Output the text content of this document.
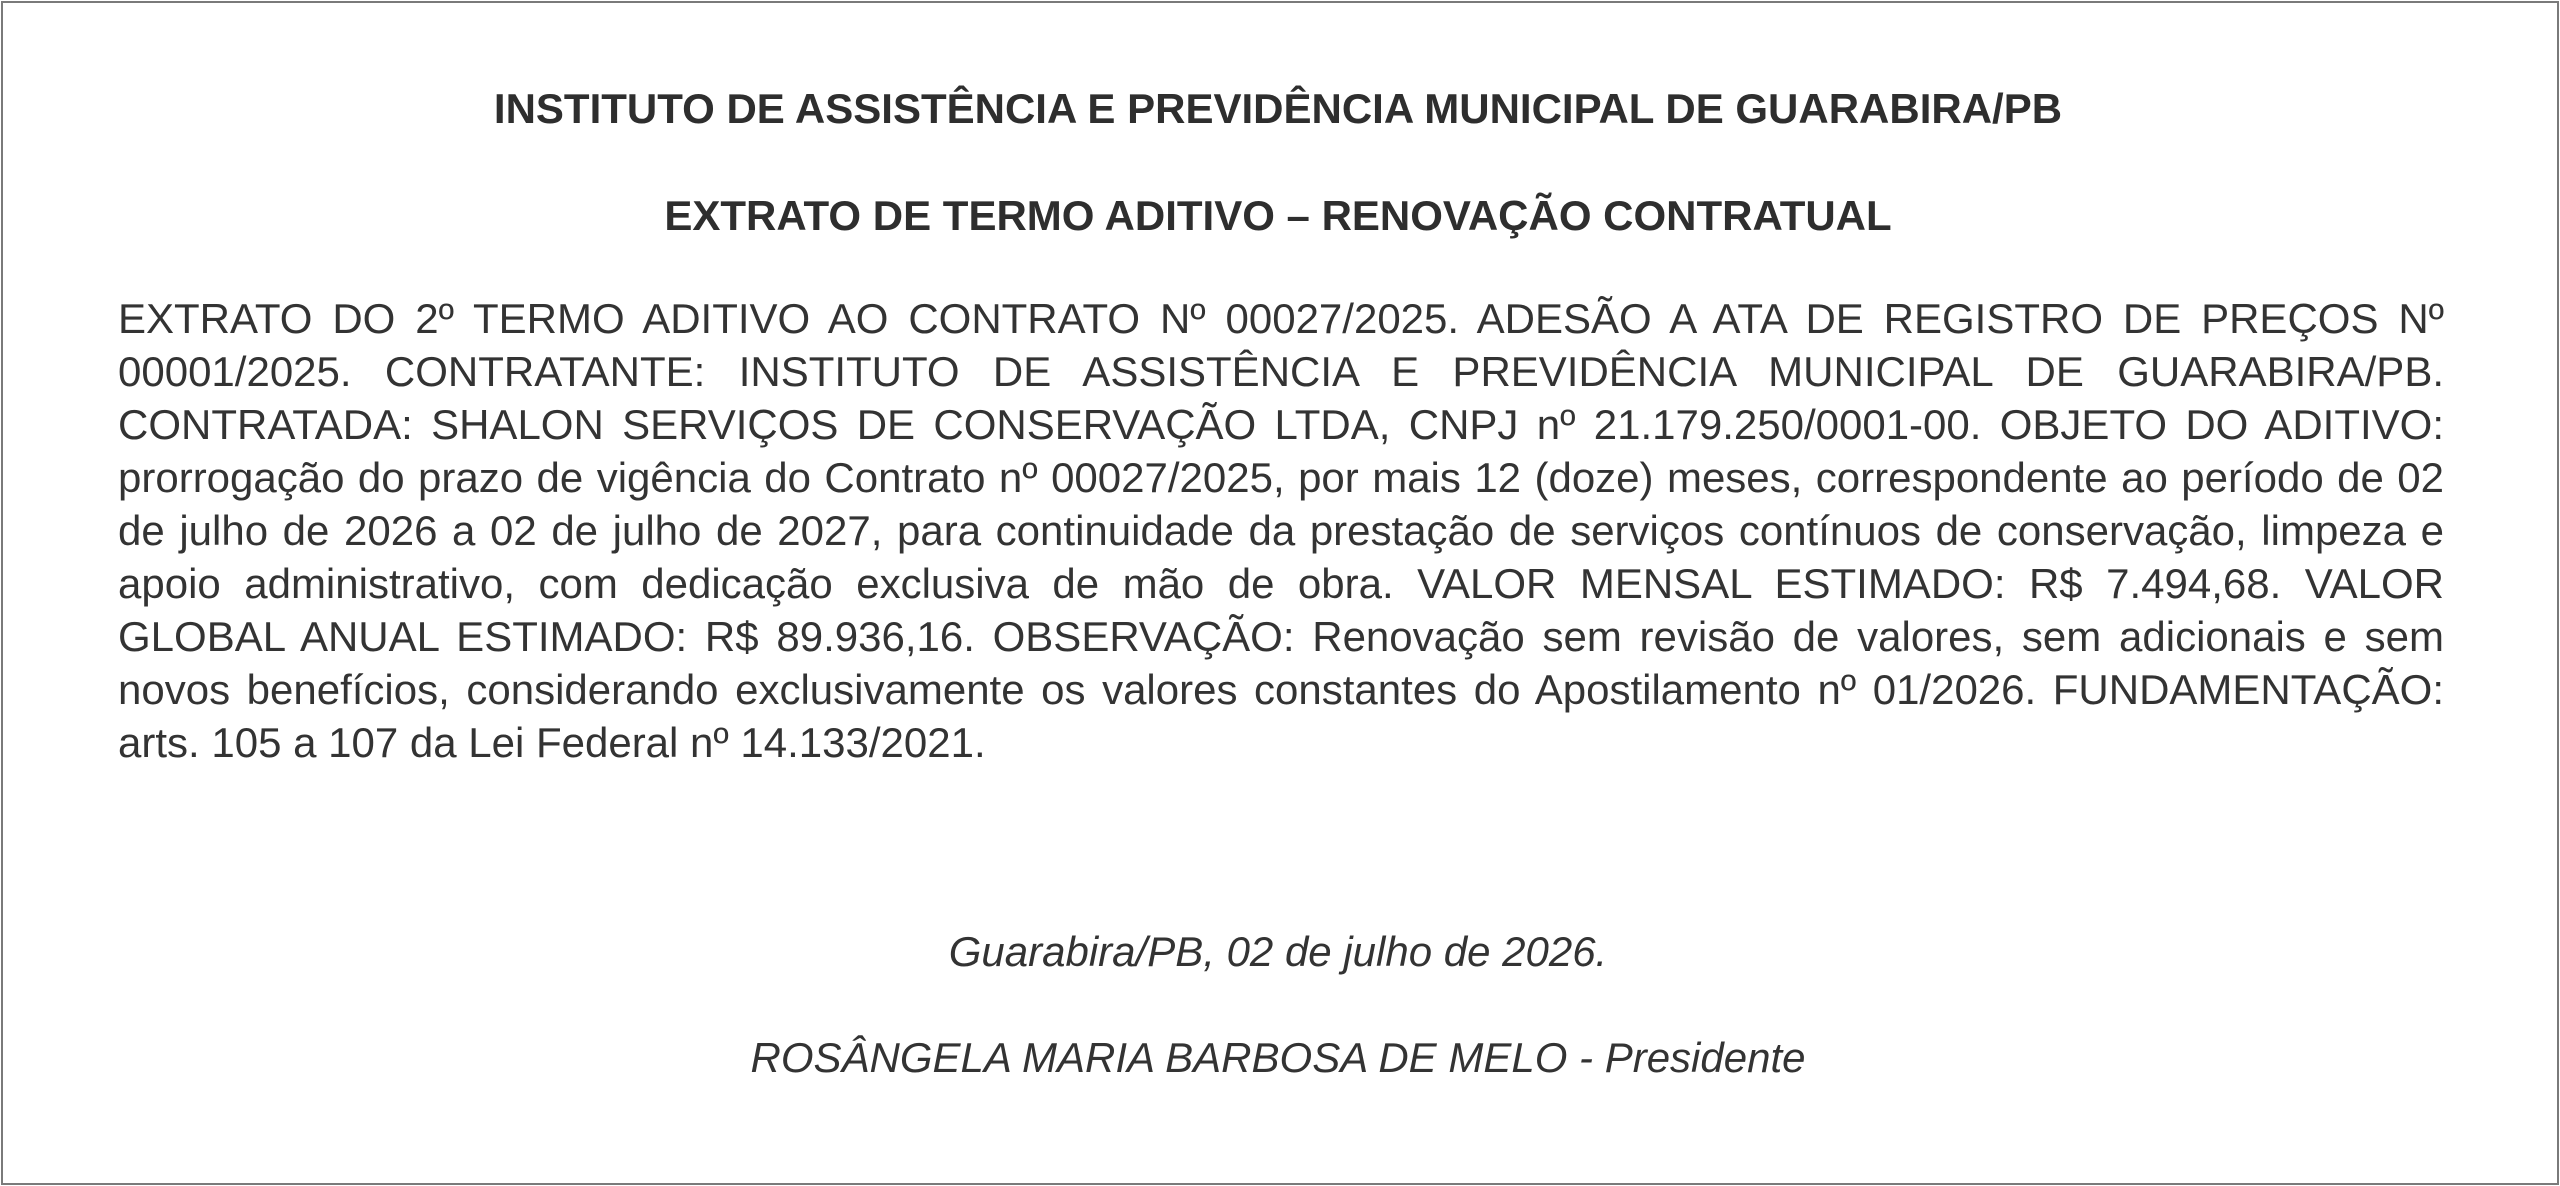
INSTITUTO DE ASSISTÊNCIA E PREVIDÊNCIA MUNICIPAL DE GUARABIRA/PB
EXTRATO DE TERMO ADITIVO – RENOVAÇÃO CONTRATUAL

EXTRATO DO 2º TERMO ADITIVO AO CONTRATO Nº 00027/2025. ADESÃO A ATA DE REGISTRO DE PREÇOS Nº 00001/2025. CONTRATANTE: INSTITUTO DE ASSISTÊNCIA E PREVIDÊNCIA MUNICIPAL DE GUARABIRA/PB. CONTRATADA: SHALON SERVIÇOS DE CONSERVAÇÃO LTDA, CNPJ nº 21.179.250/0001-00. OBJETO DO ADITIVO: prorrogação do prazo de vigência do Contrato nº 00027/2025, por mais 12 (doze) meses, correspondente ao período de 02 de julho de 2026 a 02 de julho de 2027, para continuidade da prestação de serviços contínuos de conservação, limpeza e apoio administrativo, com dedicação exclusiva de mão de obra. VALOR MENSAL ESTIMADO: R$ 7.494,68. VALOR GLOBAL ANUAL ESTIMADO: R$ 89.936,16. OBSERVAÇÃO: Renovação sem revisão de valores, sem adicionais e sem novos benefícios, considerando exclusivamente os valores constantes do Apostilamento nº 01/2026. FUNDAMENTAÇÃO: arts. 105 a 107 da Lei Federal nº 14.133/2021.

Guarabira/PB, 02 de julho de 2026.

ROSÂNGELA MARIA BARBOSA DE MELO - Presidente
